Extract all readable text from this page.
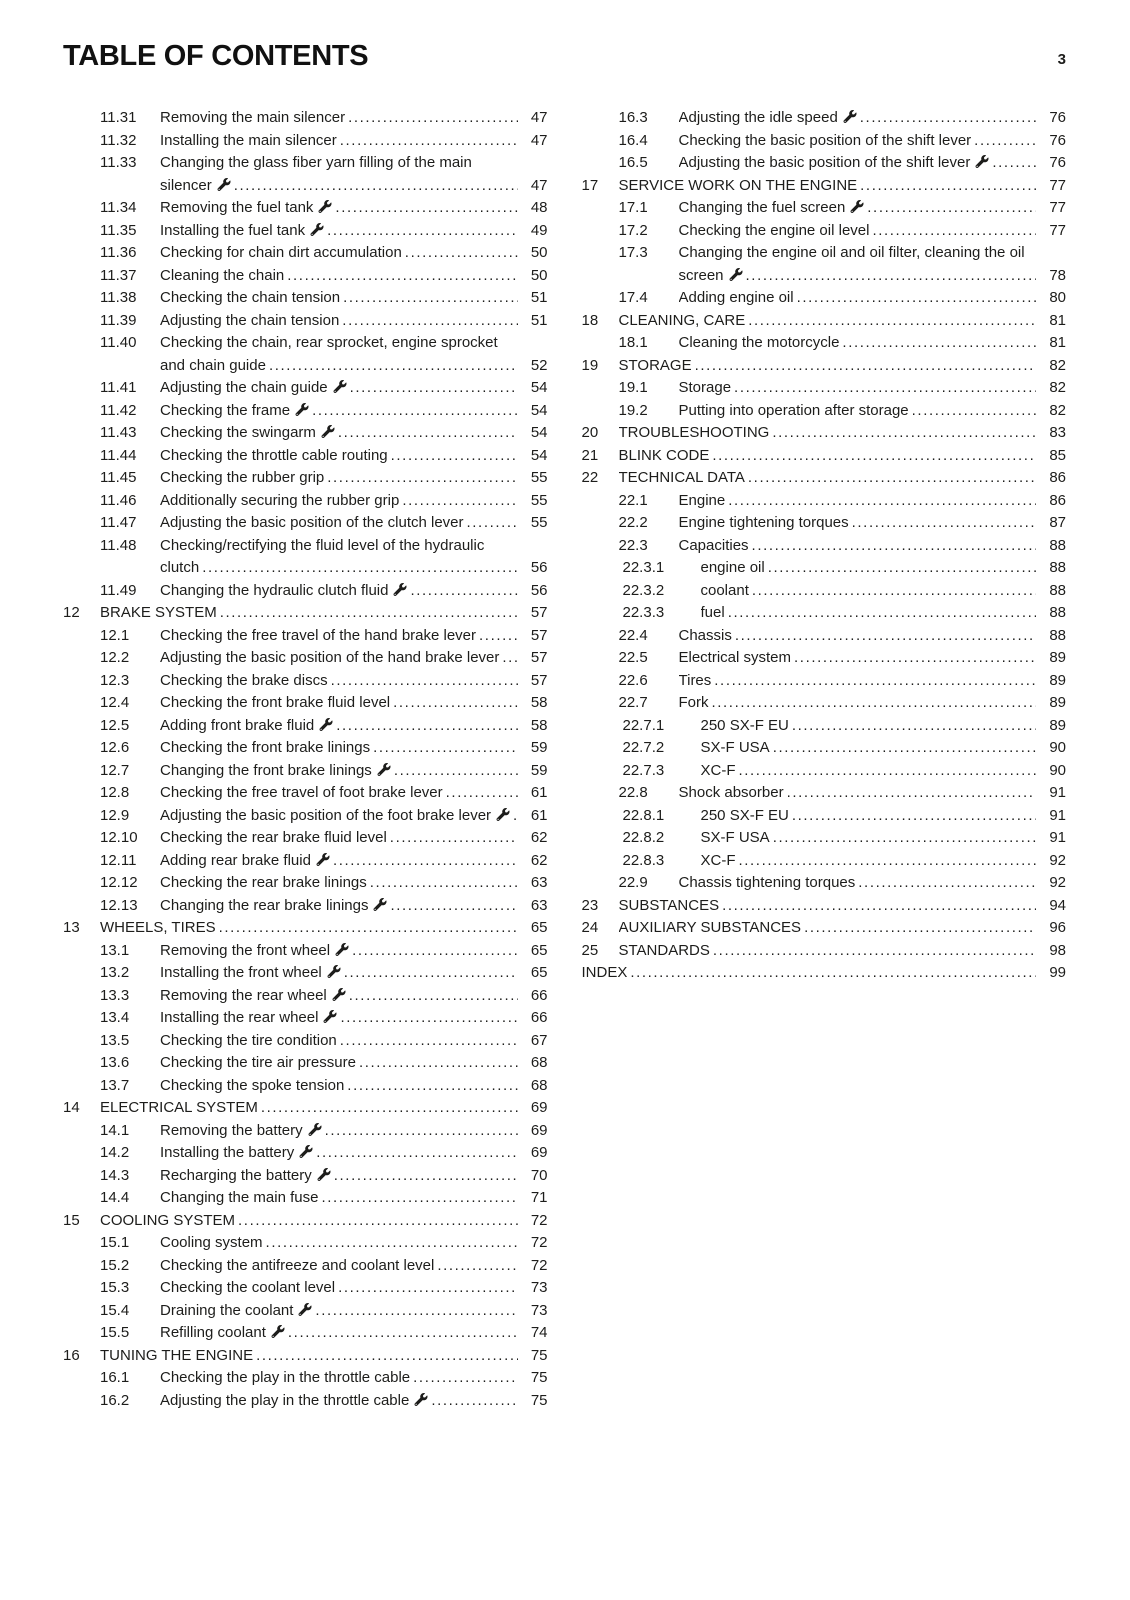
TABLE OF CONTENTS	3
11.31	Removing the main silencer .....	47
11.32	Installing the main silencer .....	47
11.33	Changing the glass fiber yarn filling of the main silencer .....	47
11.34	Removing the fuel tank .....	48
11.35	Installing the fuel tank .....	49
11.36	Checking for chain dirt accumulation .....	50
11.37	Cleaning the chain .....	50
11.38	Checking the chain tension .....	51
11.39	Adjusting the chain tension .....	51
11.40	Checking the chain, rear sprocket, engine sprocket and chain guide .....	52
11.41	Adjusting the chain guide .....	54
11.42	Checking the frame .....	54
11.43	Checking the swingarm .....	54
11.44	Checking the throttle cable routing .....	54
11.45	Checking the rubber grip .....	55
11.46	Additionally securing the rubber grip .....	55
11.47	Adjusting the basic position of the clutch lever .....	55
11.48	Checking/rectifying the fluid level of the hydraulic clutch .....	56
11.49	Changing the hydraulic clutch fluid .....	56
12	BRAKE SYSTEM .....	57
12.1	Checking the free travel of the hand brake lever .....	57
12.2	Adjusting the basic position of the hand brake lever .....	57
12.3	Checking the brake discs .....	57
12.4	Checking the front brake fluid level .....	58
12.5	Adding front brake fluid .....	58
12.6	Checking the front brake linings .....	59
12.7	Changing the front brake linings .....	59
12.8	Checking the free travel of foot brake lever .....	61
12.9	Adjusting the basic position of the foot brake lever .....	61
12.10	Checking the rear brake fluid level .....	62
12.11	Adding rear brake fluid .....	62
12.12	Checking the rear brake linings .....	63
12.13	Changing the rear brake linings .....	63
13	WHEELS, TIRES .....	65
13.1	Removing the front wheel .....	65
13.2	Installing the front wheel .....	65
13.3	Removing the rear wheel .....	66
13.4	Installing the rear wheel .....	66
13.5	Checking the tire condition .....	67
13.6	Checking the tire air pressure .....	68
13.7	Checking the spoke tension .....	68
14	ELECTRICAL SYSTEM .....	69
14.1	Removing the battery .....	69
14.2	Installing the battery .....	69
14.3	Recharging the battery .....	70
14.4	Changing the main fuse .....	71
15	COOLING SYSTEM .....	72
15.1	Cooling system .....	72
15.2	Checking the antifreeze and coolant level .....	72
15.3	Checking the coolant level .....	73
15.4	Draining the coolant .....	73
15.5	Refilling coolant .....	74
16	TUNING THE ENGINE .....	75
16.1	Checking the play in the throttle cable .....	75
16.2	Adjusting the play in the throttle cable .....	75
16.3	Adjusting the idle speed .....	76
16.4	Checking the basic position of the shift lever .....	76
16.5	Adjusting the basic position of the shift lever .....	76
17	SERVICE WORK ON THE ENGINE .....	77
17.1	Changing the fuel screen .....	77
17.2	Checking the engine oil level .....	77
17.3	Changing the engine oil and oil filter, cleaning the oil screen .....	78
17.4	Adding engine oil .....	80
18	CLEANING, CARE .....	81
18.1	Cleaning the motorcycle .....	81
19	STORAGE .....	82
19.1	Storage .....	82
19.2	Putting into operation after storage .....	82
20	TROUBLESHOOTING .....	83
21	BLINK CODE .....	85
22	TECHNICAL DATA .....	86
22.1	Engine .....	86
22.2	Engine tightening torques .....	87
22.3	Capacities .....	88
22.3.1	engine oil .....	88
22.3.2	coolant .....	88
22.3.3	fuel .....	88
22.4	Chassis .....	88
22.5	Electrical system .....	89
22.6	Tires .....	89
22.7	Fork .....	89
22.7.1	250 SX-F EU .....	89
22.7.2	SX-F USA .....	90
22.7.3	XC-F .....	90
22.8	Shock absorber .....	91
22.8.1	250 SX-F EU .....	91
22.8.2	SX-F USA .....	91
22.8.3	XC-F .....	92
22.9	Chassis tightening torques .....	92
23	SUBSTANCES .....	94
24	AUXILIARY SUBSTANCES .....	96
25	STANDARDS .....	98
INDEX .....	99
